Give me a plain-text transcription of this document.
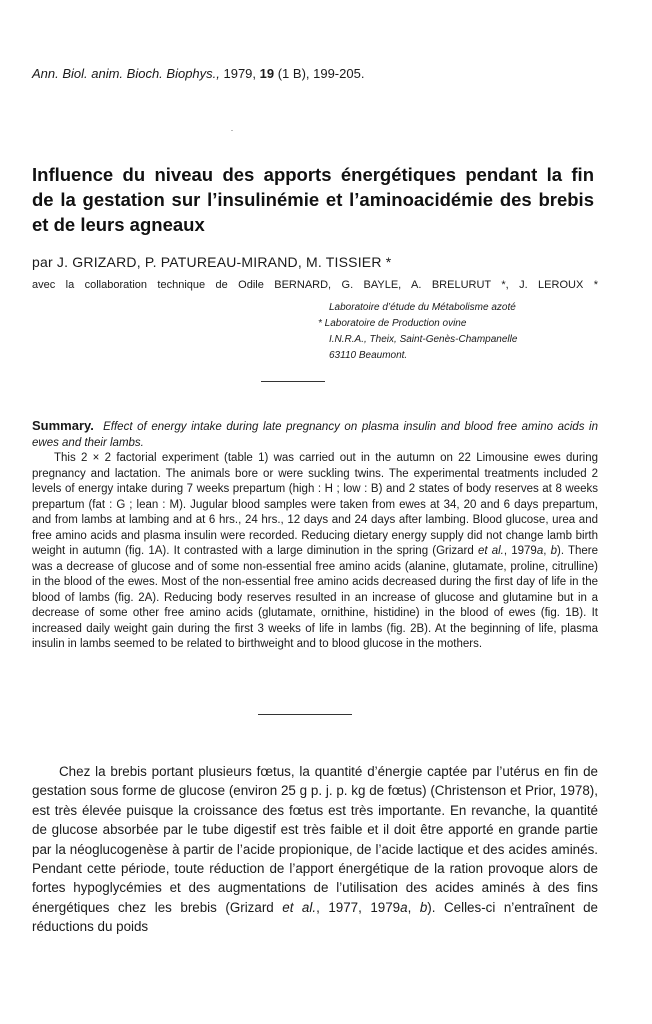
Ann. Biol. anim. Bioch. Biophys., 1979, 19 (1 B), 199-205.
Influence du niveau des apports énergétiques pendant la fin
de la gestation sur l’insulinémie et l’aminoacidémie des brebis
et de leurs agneaux
par J. GRIZARD, P. PATUREAU-MIRAND, M. TISSIER *
avec la collaboration technique de Odile BERNARD, G. BAYLE, A. BRELURUT *, J. LEROUX *
Laboratoire d’étude du Métabolisme azoté
* Laboratoire de Production ovine
I.N.R.A., Theix, Saint-Genès-Champanelle
63110 Beaumont.

Summary. Effect of energy intake during late pregnancy on plasma insulin and blood free amino acids in ewes and their lambs.

This 2 × 2 factorial experiment (table 1) was carried out in the autumn on 22 Limousine ewes during pregnancy and lactation. The animals bore or were suckling twins. The experimental treatments included 2 levels of energy intake during 7 weeks prepartum (high : H ; low : B) and 2 states of body reserves at 8 weeks prepartum (fat : G ; lean : M). Jugular blood samples were taken from ewes at 34, 20 and 6 days prepartum, and from lambs at lambing and at 6 hrs., 24 hrs., 12 days and 24 days after lambing. Blood glucose, urea and free amino acids and plasma insulin were recorded. Reducing dietary energy supply did not change lamb birth weight in autumn (fig. 1A). It contrasted with a large diminution in the spring (Grizard et al., 1979a, b). There was a decrease of glucose and of some non-essential free amino acids (alanine, glutamate, proline, citrulline) in the blood of the ewes. Most of the non-essential free amino acids decreased during the first day of life in the blood of lambs (fig. 2A). Reducing body reserves resulted in an increase of glucose and glutamine but in a decrease of some other free amino acids (glutamate, ornithine, histidine) in the blood of ewes (fig. 1B). It increased daily weight gain during the first 3 weeks of life in lambs (fig. 2B). At the beginning of life, plasma insulin in lambs seemed to be related to birthweight and to blood glucose in the mothers.

Chez la brebis portant plusieurs fœtus, la quantité d’énergie captée par l’utérus en fin de gestation sous forme de glucose (environ 25 g p. j. p. kg de fœtus) (Christenson et Prior, 1978), est très élevée puisque la croissance des fœtus est très importante. En revanche, la quantité de glucose absorbée par le tube digestif est très faible et il doit être apporté en grande partie par la néoglucogenèse à partir de l’acide propionique, de l’acide lactique et des acides aminés. Pendant cette période, toute réduction de l’apport énergétique de la ration provoque alors de fortes hypoglycémies et des augmentations de l’utilisation des acides aminés à des fins énergétiques chez les brebis (Grizard et al., 1977, 1979a, b). Celles-ci n’entraînent de réductions du poids
